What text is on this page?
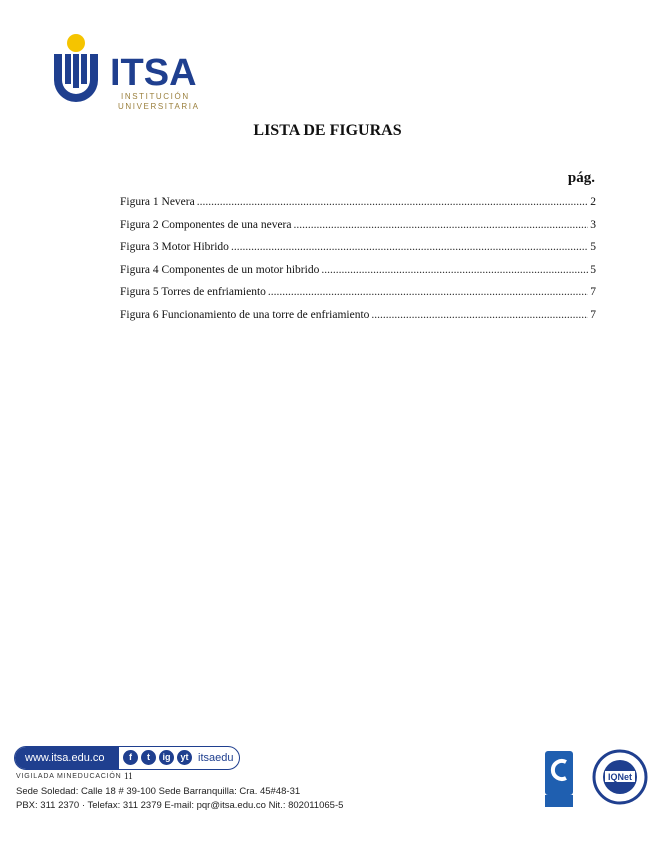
ITSA
INSTITUCIÓN
UNIVERSITARIA
LISTA DE FIGURAS
pág.
Figura 1 Nevera .....	2
Figura 2 Componentes de una nevera .....	3
Figura 3 Motor Hibrido .....	5
Figura 4 Componentes de un motor hibrido .....	5
Figura 5 Torres de enfriamiento .....	7
Figura 6 Funcionamiento de una torre de enfriamiento .....	7
www.itsa.edu.co	f	t	ig	yt itsaedu
VIGILADA MINEDUCACIÓN 11
Sede Soledad: Calle 18 # 39-100 Sede Barranquilla: Cra. 45#48-31
PBX: 311 2370 · Telefax: 311 2379 E-mail: pqr@itsa.edu.co Nit.: 802011065-5
IQNet
